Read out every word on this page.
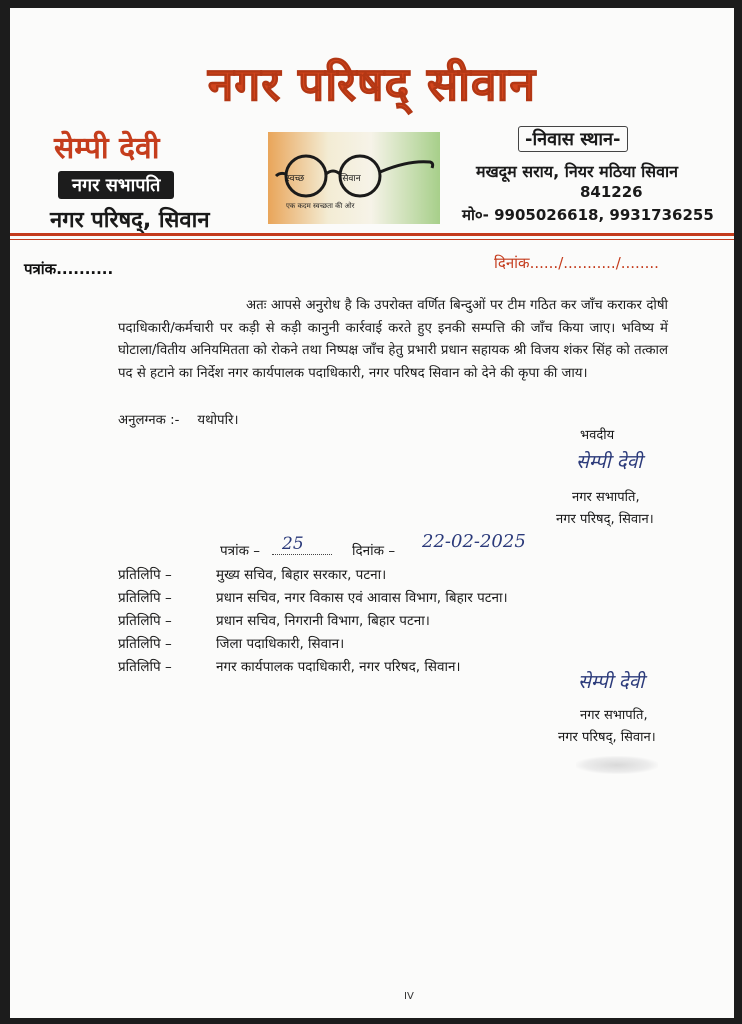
नगर परिषद् सीवान
सेम्पी देवी
नगर सभापति
नगर परिषद्, सिवान
स्वच्छ	सिवान
एक कदम स्वच्छता की ओर
-निवास स्थान-
मखदूम सराय, नियर मठिया सिवान
841226
मो०- 9905026618, 9931736255
पत्रांक..........	दिनांक....../.........../........
अतः आपसे अनुरोध है कि उपरोक्त वर्णित बिन्दुओं पर टीम गठित कर जाँच कराकर दोषी पदाधिकारी/कर्मचारी पर कड़ी से कड़ी कानुनी कार्रवाई करते हुए इनकी सम्पत्ति की जाँच किया जाए। भविष्य में घोटाला/वितीय अनियमितता को रोकने तथा निष्पक्ष जाँच हेतु प्रभारी प्रधान सहायक श्री विजय शंकर सिंह को तत्काल पद से हटाने का निर्देश नगर कार्यपालक पदाधिकारी, नगर परिषद सिवान को देने की कृपा की जाय।
अनुलग्नक :- यथोपरि।
भवदीय
सेम्पी देवी
नगर सभापति,
नगर परिषद्, सिवान।
पत्रांक – 25	दिनांक – 22-02-2025
प्रतिलिपि –	मुख्य सचिव, बिहार सरकार, पटना।
प्रतिलिपि –	प्रधान सचिव, नगर विकास एवं आवास विभाग, बिहार पटना।
प्रतिलिपि –	प्रधान सचिव, निगरानी विभाग, बिहार पटना।
प्रतिलिपि –	जिला पदाधिकारी, सिवान।
प्रतिलिपि –	नगर कार्यपालक पदाधिकारी, नगर परिषद, सिवान।
सेम्पी देवी
नगर सभापति,
नगर परिषद्, सिवान।
IV
